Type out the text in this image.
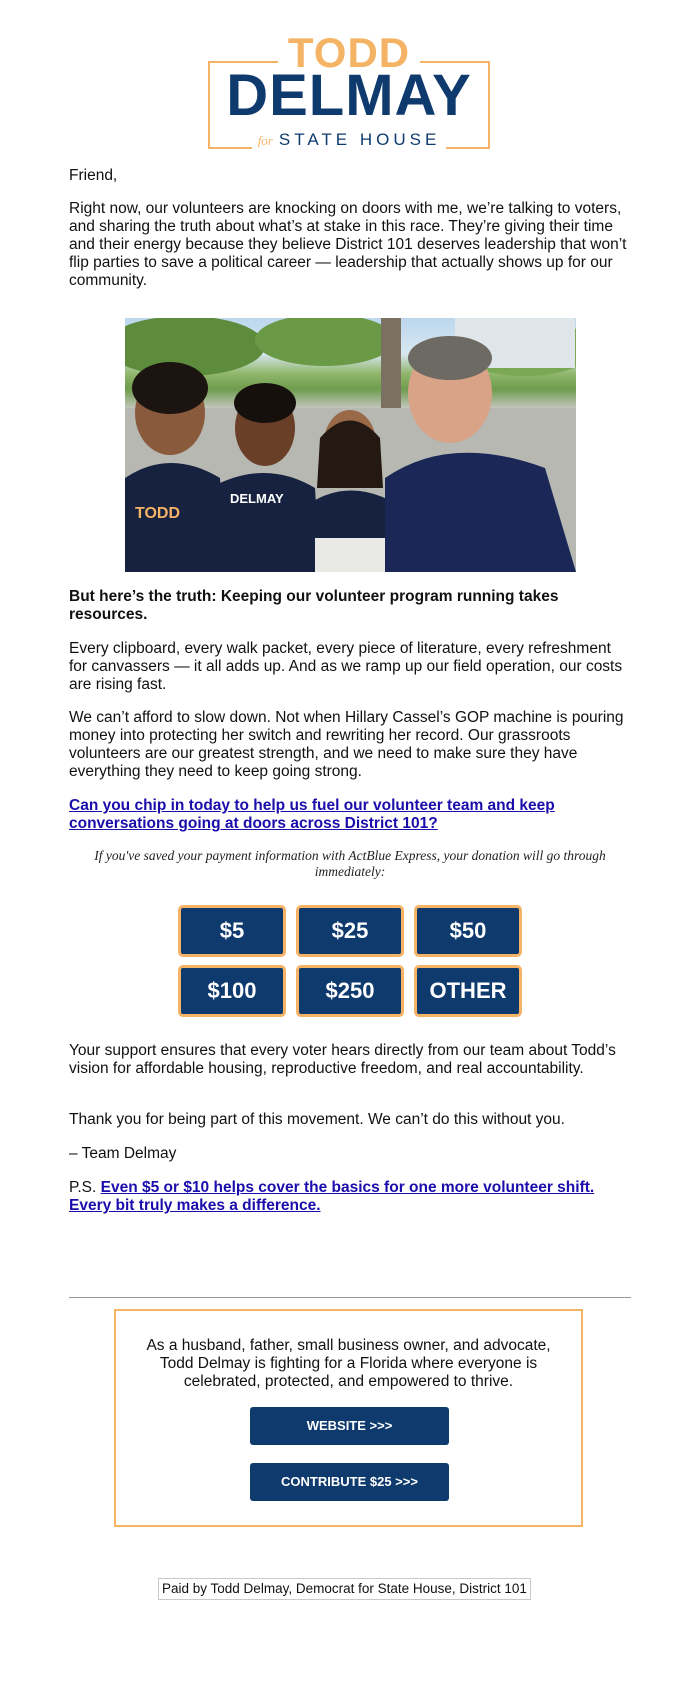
TODD
DELMAY
for STATE HOUSE

Friend,

Right now, our volunteers are knocking on doors with me, we’re talking to voters, and sharing the truth about what’s at stake in this race. They’re giving their time and their energy because they believe District 101 deserves leadership that won’t flip parties to save a political career — leadership that actually shows up for our community.

TODD
DELMAY

But here’s the truth: Keeping our volunteer program running takes resources.

Every clipboard, every walk packet, every piece of literature, every refreshment for canvassers — it all adds up. And as we ramp up our field operation, our costs are rising fast.

We can’t afford to slow down. Not when Hillary Cassel’s GOP machine is pouring money into protecting her switch and rewriting her record. Our grassroots volunteers are our greatest strength, and we need to make sure they have everything they need to keep going strong.

Can you chip in today to help us fuel our volunteer team and keep conversations going at doors across District 101?

If you've saved your payment information with ActBlue Express, your donation will go through immediately:
$5	$25	$50
$100	$250	OTHER

Your support ensures that every voter hears directly from our team about Todd’s vision for affordable housing, reproductive freedom, and real accountability.

Thank you for being part of this movement. We can’t do this without you.

– Team Delmay

P.S. Even $5 or $10 helps cover the basics for one more volunteer shift. Every bit truly makes a difference.

As a husband, father, small business owner, and advocate, Todd Delmay is fighting for a Florida where everyone is celebrated, protected, and empowered to thrive.
WEBSITE >>>
CONTRIBUTE $25 >>>
Paid by Todd Delmay, Democrat for State House, District 101
